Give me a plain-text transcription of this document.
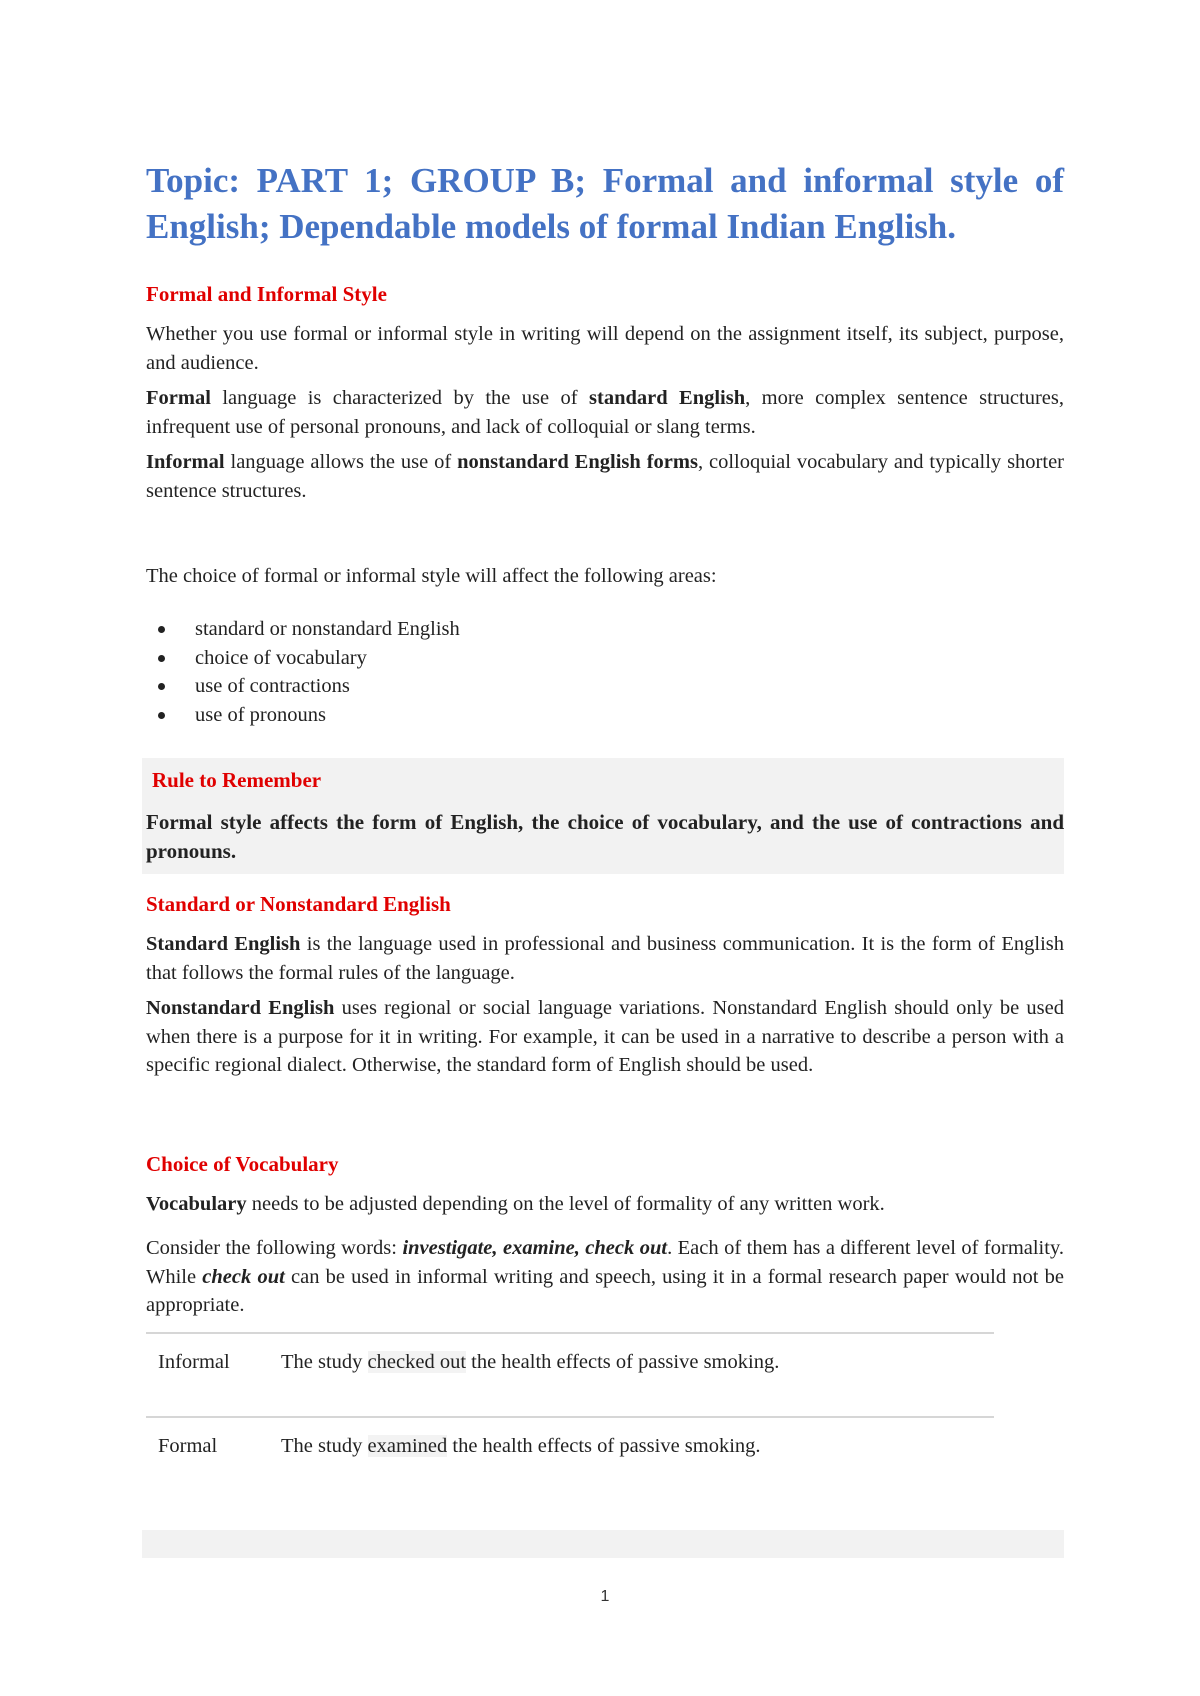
Topic: PART 1; GROUP B; Formal and informal style of English; Dependable models of formal Indian English.
Formal and Informal Style

Whether you use formal or informal style in writing will depend on the assignment itself, its subject, purpose, and audience.

Formal language is characterized by the use of standard English, more complex sentence structures, infrequent use of personal pronouns, and lack of colloquial or slang terms.

Informal language allows the use of nonstandard English forms, colloquial vocabulary and typically shorter sentence structures.

The choice of formal or informal style will affect the following areas:

standard or nonstandard English
choice of vocabulary
use of contractions
use of pronouns
Rule to Remember

Formal style affects the form of English, the choice of vocabulary, and the use of contractions and pronouns.

Standard or Nonstandard English

Standard English is the language used in professional and business communication. It is the form of English that follows the formal rules of the language.

Nonstandard English uses regional or social language variations. Nonstandard English should only be used when there is a purpose for it in writing. For example, it can be used in a narrative to describe a person with a specific regional dialect. Otherwise, the standard form of English should be used.

Choice of Vocabulary

Vocabulary needs to be adjusted depending on the level of formality of any written work.

Consider the following words: investigate, examine, check out. Each of them has a different level of formality. While check out can be used in informal writing and speech, using it in a formal research paper would not be appropriate.

Informal	The study checked out the health effects of passive smoking.
Formal	The study examined the health effects of passive smoking.
1
